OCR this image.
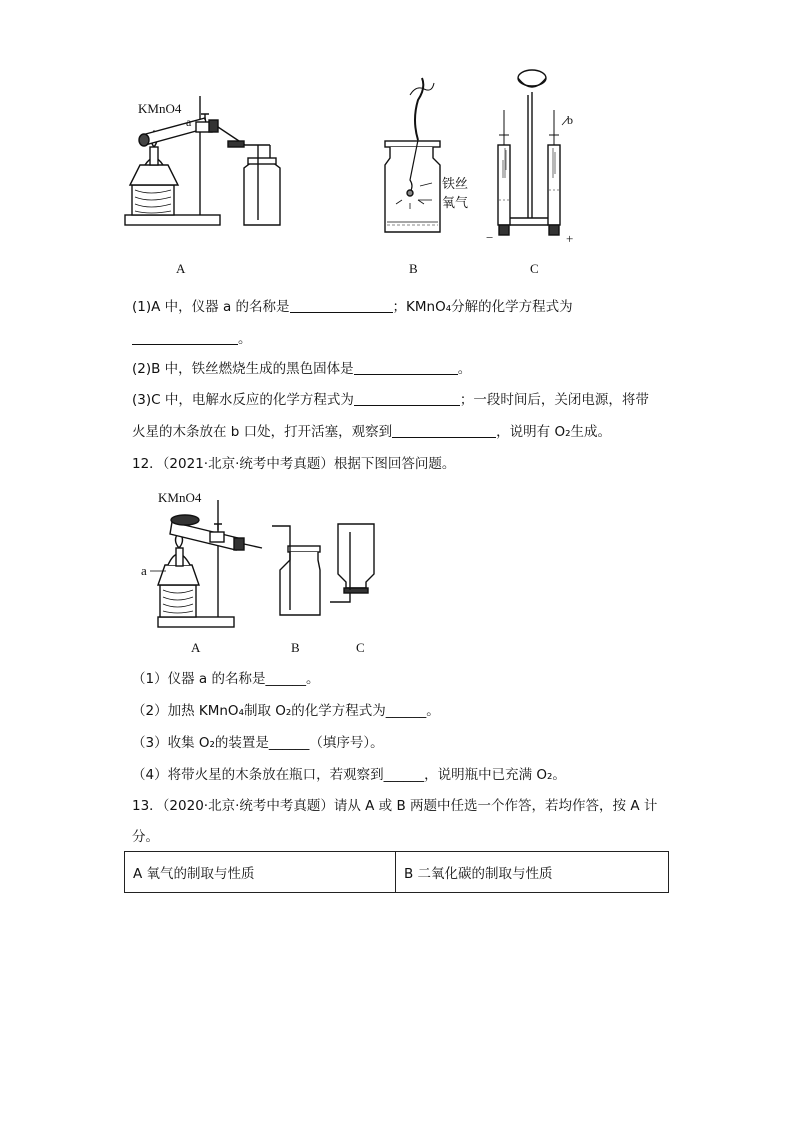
KMnO4
a
铁丝
氧气
b
−	+
A	B	C
(1)A 中，仪器 a 的名称是	；KMnO₄分解的化学方程式为
。
(2)B 中，铁丝燃烧生成的黑色固体是	。
(3)C 中，电解水反应的化学方程式为	；一段时间后，关闭电源，将带
火星的木条放在 b 口处，打开活塞，观察到	，说明有 O₂生成。
12．（2021·北京·统考中考真题）根据下图回答问题。
KMnO4
a
A	B	C
（1）仪器 a 的名称是______。
（2）加热 KMnO₄制取 O₂的化学方程式为______。
（3）收集 O₂的装置是______（填序号）。
（4）将带火星的木条放在瓶口，若观察到______，说明瓶中已充满 O₂。
13．（2020·北京·统考中考真题）请从 A 或 B 两题中任选一个作答，若均作答，按 A 计
分。
A 氧气的制取与性质	B 二氧化碳的制取与性质
